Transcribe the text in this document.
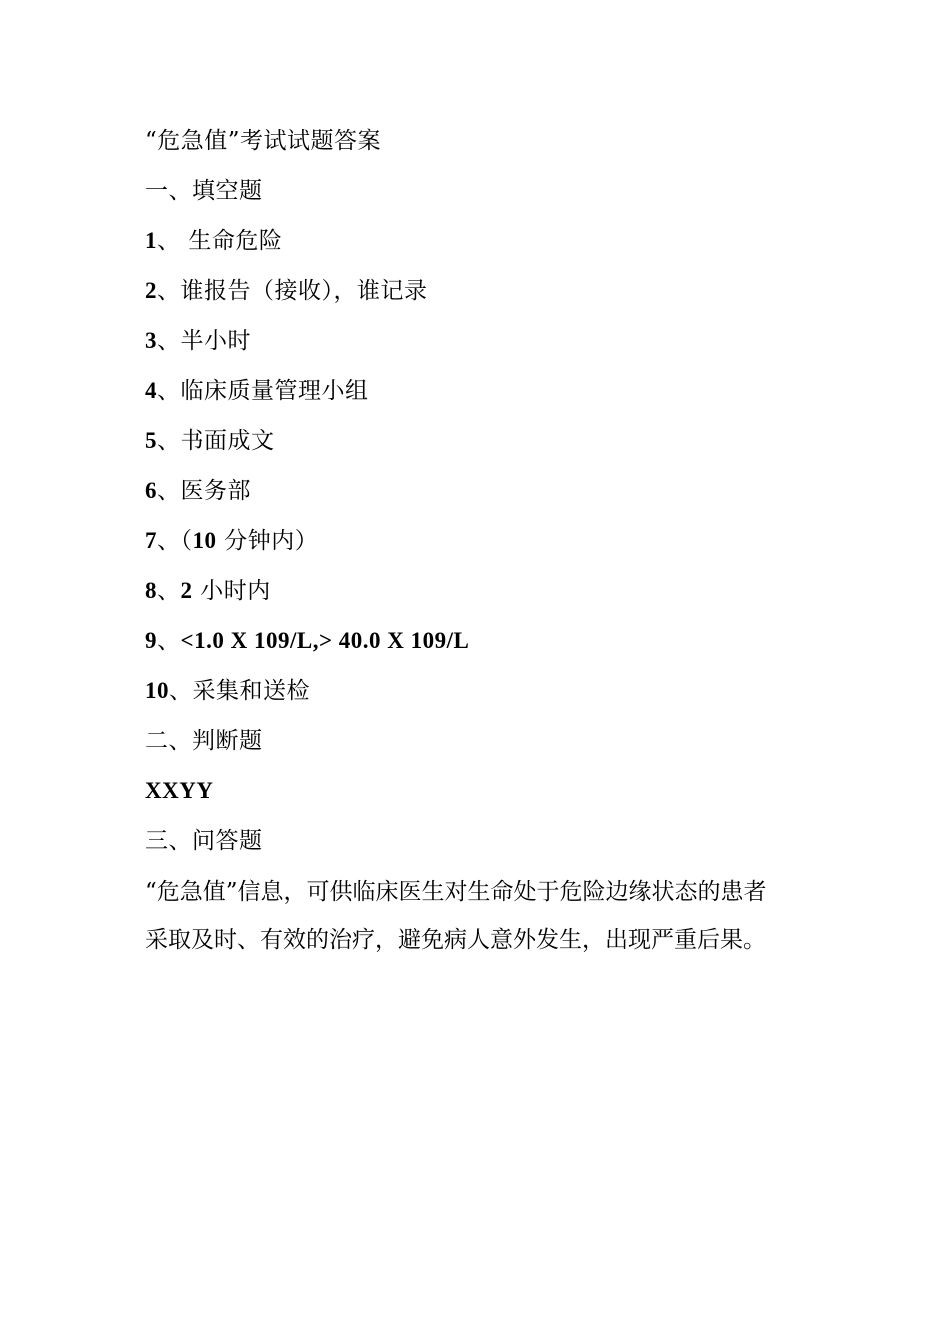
“危急值”考试试题答案
一、填空题
1、 生命危险
2、谁报告（接收），谁记录
3、半小时
4、临床质量管理小组
5、书面成文
6、医务部
7、（10 分钟内）
8、2 小时内
9、<1.0 X 109/L,> 40.0 X 109/L
10、采集和送检
二、判断题
XXYY
三、问答题
“危急值”信息，可供临床医生对生命处于危险边缘状态的患者
采取及时、有效的治疗，避免病人意外发生，出现严重后果。
